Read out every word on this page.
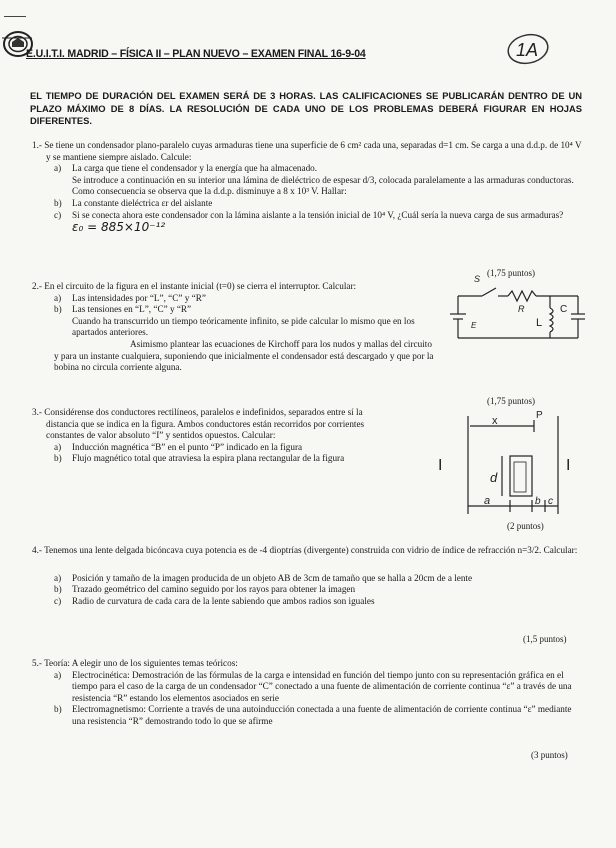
E.U.I.T.I. MADRID – FÍSICA II – PLAN NUEVO – EXAMEN FINAL 16-9-04	1A
EL TIEMPO DE DURACIÓN DEL EXAMEN SERÁ DE 3 HORAS. LAS CALIFICACIONES SE PUBLICARÁN DENTRO DE UN PLAZO MÁXIMO DE 8 DÍAS. LA RESOLUCIÓN DE CADA UNO DE LOS PROBLEMAS DEBERÁ FIGURAR EN HOJAS DIFERENTES.
1.- Se tiene un condensador plano-paralelo cuyas armaduras tiene una superficie de 6 cm² cada una, separadas d=1 cm. Se carga a una d.d.p. de 10⁴ V y se mantiene siempre aislado. Calcule:
a) La carga que tiene el condensador y la energía que ha almacenado.
Se introduce a continuación en su interior una lámina de dieléctrico de espesar d/3, colocada paralelamente a las armaduras conductoras. Como consecuencia se observa que la d.d.p. disminuye a 8 x 10³ V. Hallar:
b) La constante dieléctrica εr del aislante
c) Si se conecta ahora este condensador con la lámina aislante a la tensión inicial de 10⁴ V, ¿Cuál sería la nueva carga de sus armaduras?
ε₀ = 885×10⁻¹²
2.- En el circuito de la figura en el instante inicial (t=0) se cierra el interruptor. Calcular:
a) Las intensidades por “L”, “C” y “R”
b) Las tensiones en “L”, “C” y “R”
Cuando ha transcurrido un tiempo teóricamente infinito, se pide calcular lo mismo que en los apartados anteriores.
Asimismo plantear las ecuaciones de Kirchoff para los nudos y mallas del circuito y para un instante cualquiera, suponiendo que inicialmente el condensador está descargado y que por la bobina no circula corriente alguna.
(1,75 puntos)
S
R	C
L
E
3.- Considérense dos conductores rectilíneos, paralelos e indefinidos, separados entre sí la distancia que se indica en la figura. Ambos conductores están recorridos por corrientes constantes de valor absoluto “I” y sentidos opuestos. Calcular:
a) Inducción magnética “B” en el punto “P” indicado en la figura
b) Flujo magnético total que atraviesa la espira plana rectangular de la figura
(1,75 puntos)
P
x
I	I
d
a	b c
(2 puntos)
4.- Tenemos una lente delgada bicóncava cuya potencia es de -4 dioptrías (divergente) construida con vidrio de índice de refracción n=3/2. Calcular:
a) Posición y tamaño de la imagen producida de un objeto AB de 3cm de tamaño que se halla a 20cm de a lente
b) Trazado geométrico del camino seguido por los rayos para obtener la imagen
c) Radio de curvatura de cada cara de la lente sabiendo que ambos radios son iguales
(1,5 puntos)
5.- Teoría: A elegir uno de los siguientes temas teóricos:
a) Electrocinética: Demostración de las fórmulas de la carga e intensidad en función del tiempo junto con su representación gráfica en el tiempo para el caso de la carga de un condensador “C” conectado a una fuente de alimentación de corriente continua “ε” a través de una resistencia “R” estando los elementos asociados en serie
b) Electromagnetismo: Corriente a través de una autoinducción conectada a una fuente de alimentación de corriente continua “ε” mediante una resistencia “R” demostrando todo lo que se afirme
(3 puntos)
